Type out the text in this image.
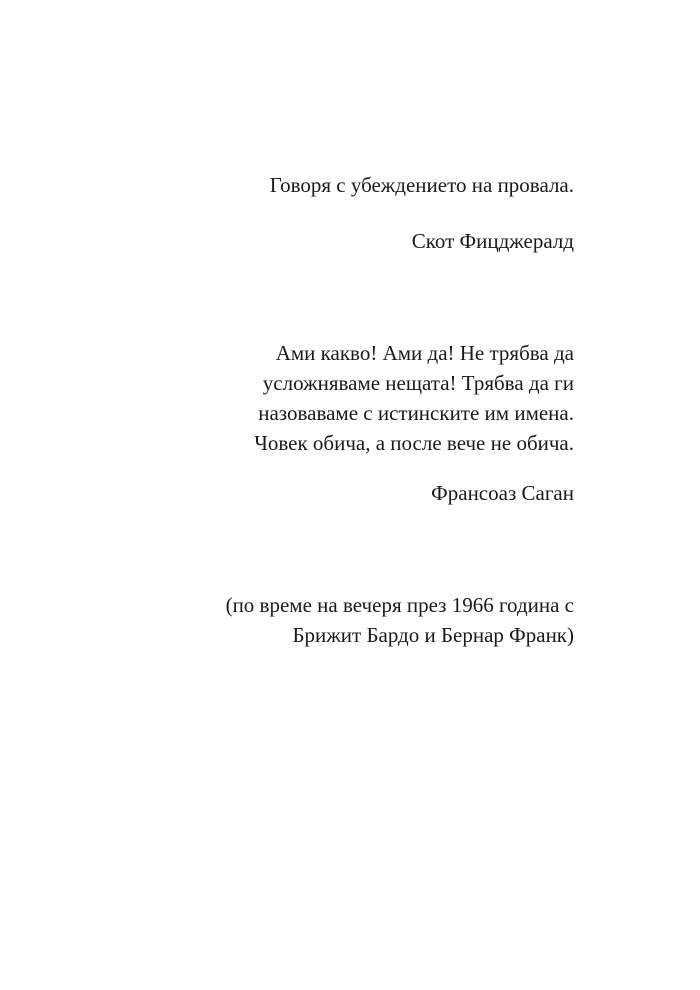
Говоря с убеждението на провала.
Скот Фицджералд
Ами какво! Ами да! Не трябва да
усложняваме нещата! Трябва да ги
назоваваме с истинските им имена.
Човек обича, а после вече не обича.
Франсоаз Саган
(по време на вечеря през 1966 година с
Брижит Бардо и Бернар Франк)
